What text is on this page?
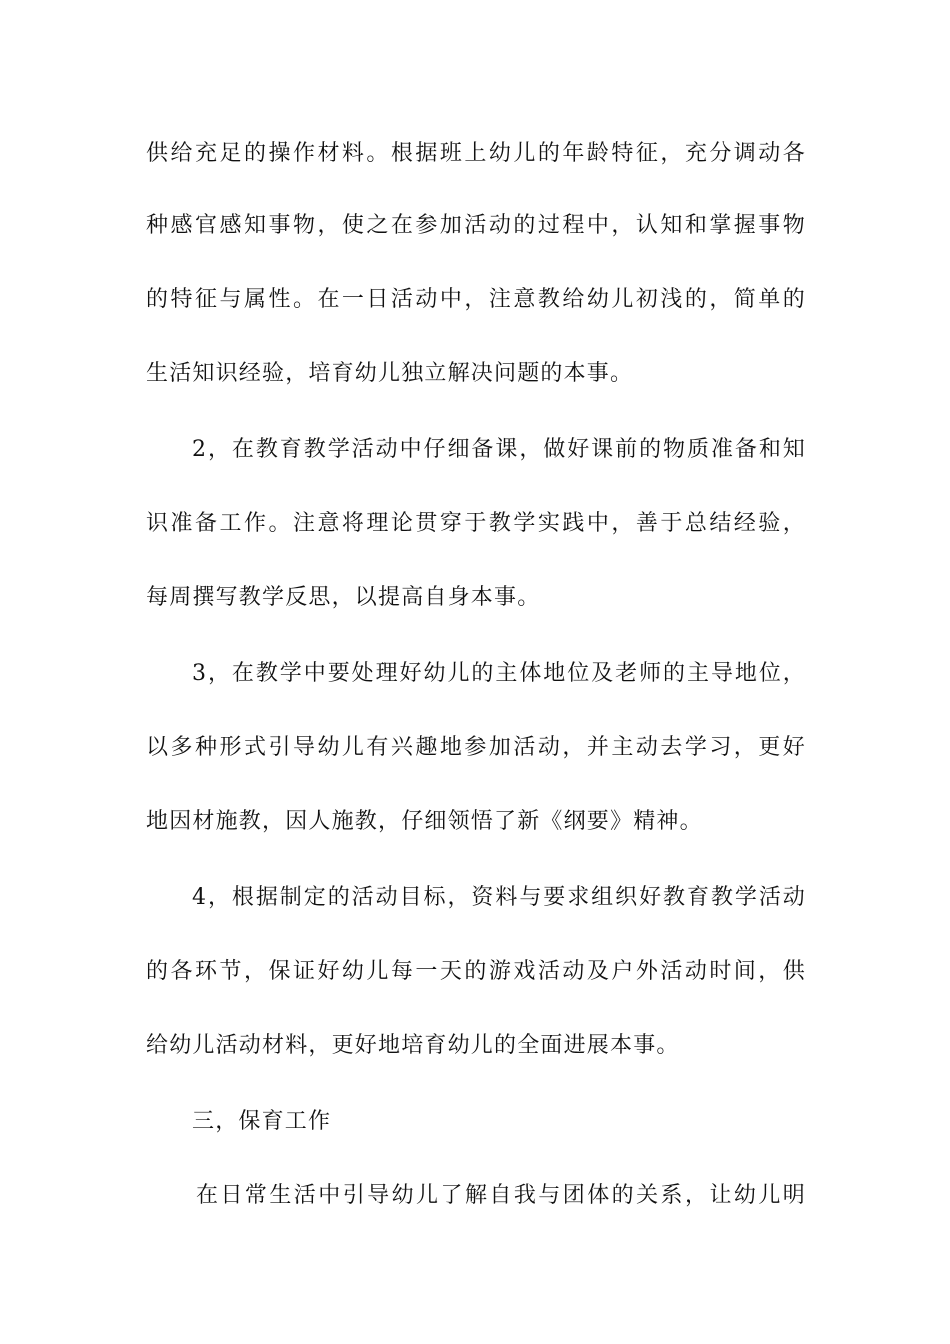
供给充足的操作材料。根据班上幼儿的年龄特征，充分调动各
种感官感知事物，使之在参加活动的过程中，认知和掌握事物
的特征与属性。在一日活动中，注意教给幼儿初浅的，简单的
生活知识经验，培育幼儿独立解决问题的本事。
2，在教育教学活动中仔细备课，做好课前的物质准备和知
识准备工作。注意将理论贯穿于教学实践中，善于总结经验，
每周撰写教学反思，以提高自身本事。
3，在教学中要处理好幼儿的主体地位及老师的主导地位，
以多种形式引导幼儿有兴趣地参加活动，并主动去学习，更好
地因材施教，因人施教，仔细领悟了新《纲要》精神。
4，根据制定的活动目标，资料与要求组织好教育教学活动
的各环节，保证好幼儿每一天的游戏活动及户外活动时间，供
给幼儿活动材料，更好地培育幼儿的全面进展本事。
三，保育工作
在日常生活中引导幼儿了解自我与团体的关系，让幼儿明
